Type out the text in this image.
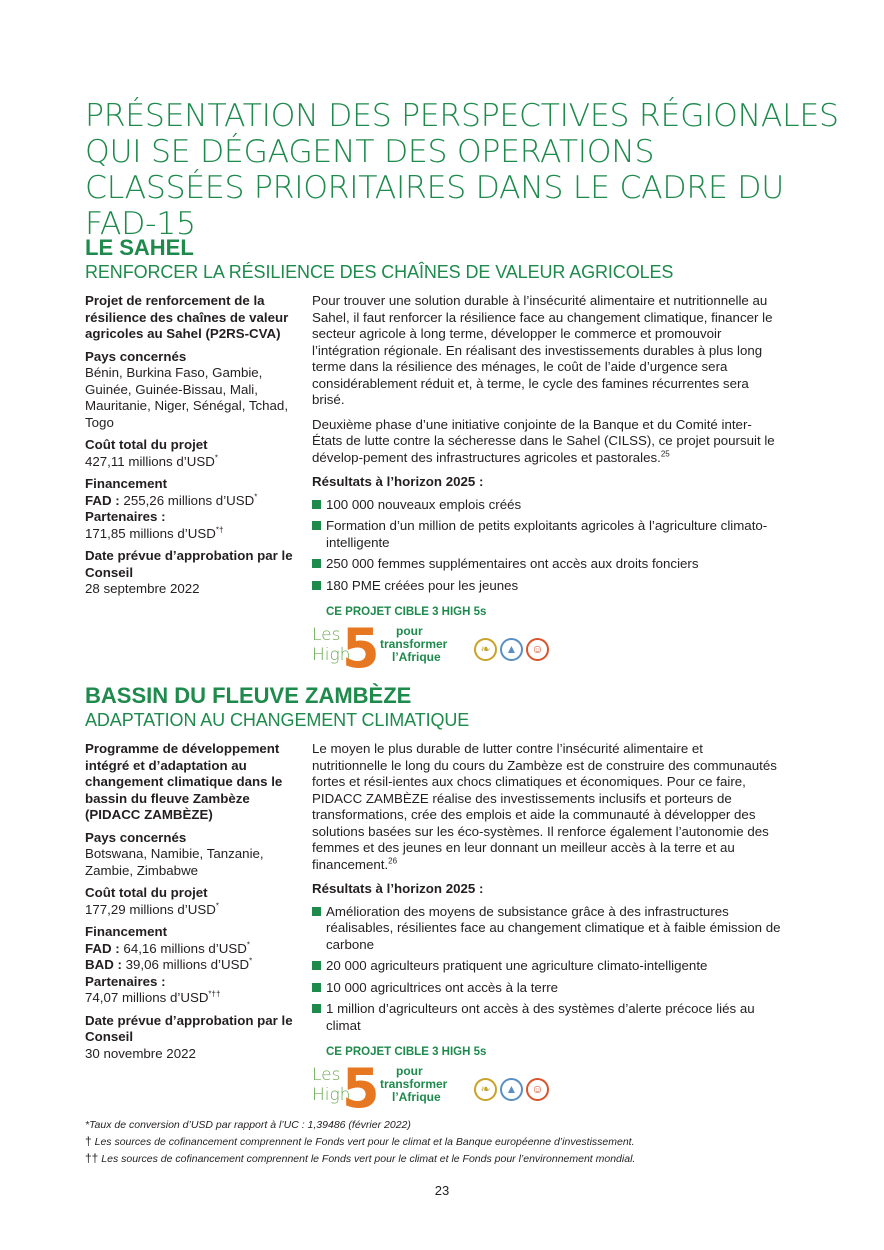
PRÉSENTATION DES PERSPECTIVES RÉGIONALES
QUI SE DÉGAGENT DES OPERATIONS
CLASSÉES PRIORITAIRES DANS LE CADRE DU FAD-15
LE SAHEL
RENFORCER LA RÉSILIENCE DES CHAÎNES DE VALEUR AGRICOLES
Projet de renforcement de la résilience des chaînes de valeur agricoles au Sahel (P2RS-CVA)
Pays concernés
Bénin, Burkina Faso, Gambie, Guinée, Guinée-Bissau, Mali, Mauritanie, Niger, Sénégal, Tchad, Togo
Coût total du projet
427,11 millions d’USD*
Financement
FAD : 255,26 millions d’USD*
Partenaires :
171,85 millions d’USD*†
Date prévue d’approbation par le Conseil
28 septembre 2022

Pour trouver une solution durable à l’insécurité alimentaire et nutritionnelle au Sahel, il faut renforcer la résilience face au changement climatique, financer le secteur agricole à long terme, développer le commerce et promouvoir l’intégration régionale. En réalisant des investissements durables à plus long terme dans la résilience des ménages, le coût de l’aide d’urgence sera considérablement réduit et, à terme, le cycle des famines récurrentes sera brisé.

Deuxième phase d’une initiative conjointe de la Banque et du Comité inter-États de lutte contre la sécheresse dans le Sahel (CILSS), ce projet poursuit le dévelop-pement des infrastructures agricoles et pastorales.$^{25}$

Résultats à l’horizon 2025 :
100 000 nouveaux emplois créés
Formation d’un million de petits exploitants agricoles à l’agriculture climato-intelligente
250 000 femmes supplémentaires ont accès aux droits fonciers
180 PME créées pour les jeunes
CE PROJET CIBLE 3 HIGH 5s
Les
High
5	pour
transformer
l’Afrique
❧	▲	☺
BASSIN DU FLEUVE ZAMBÈZE
ADAPTATION AU CHANGEMENT CLIMATIQUE
Programme de développement intégré et d’adaptation au changement climatique dans le bassin du fleuve Zambèze (PIDACC ZAMBÈZE)
Pays concernés
Botswana, Namibie, Tanzanie, Zambie, Zimbabwe
Coût total du projet
177,29 millions d’USD*
Financement
FAD : 64,16 millions d’USD*
BAD : 39,06 millions d’USD*
Partenaires :
74,07 millions d’USD*††
Date prévue d’approbation par le Conseil
30 novembre 2022

Le moyen le plus durable de lutter contre l’insécurité alimentaire et nutritionnelle le long du cours du Zambèze est de construire des communautés fortes et résil-ientes aux chocs climatiques et économiques. Pour ce faire, PIDACC ZAMBÈZE réalise des investissements inclusifs et porteurs de transformations, crée des emplois et aide la communauté à développer des solutions basées sur les éco-systèmes. Il renforce également l’autonomie des femmes et des jeunes en leur donnant un meilleur accès à la terre et au financement.$^{26}$

Résultats à l’horizon 2025 :
Amélioration des moyens de subsistance grâce à des infrastructures réalisables, résilientes face au changement climatique et à faible émission de carbone
20 000 agriculteurs pratiquent une agriculture climato-intelligente
10 000 agricultrices ont accès à la terre
1 million d’agriculteurs ont accès à des systèmes d’alerte précoce liés au climat
CE PROJET CIBLE 3 HIGH 5s
Les
High
5	pour
transformer
l’Afrique
❧	▲	☺
*Taux de conversion d’USD par rapport à l’UC : 1,39486 (février 2022)
† Les sources de cofinancement comprennent le Fonds vert pour le climat et la Banque européenne d’investissement.
†† Les sources de cofinancement comprennent le Fonds vert pour le climat et le Fonds pour l’environnement mondial.
23
